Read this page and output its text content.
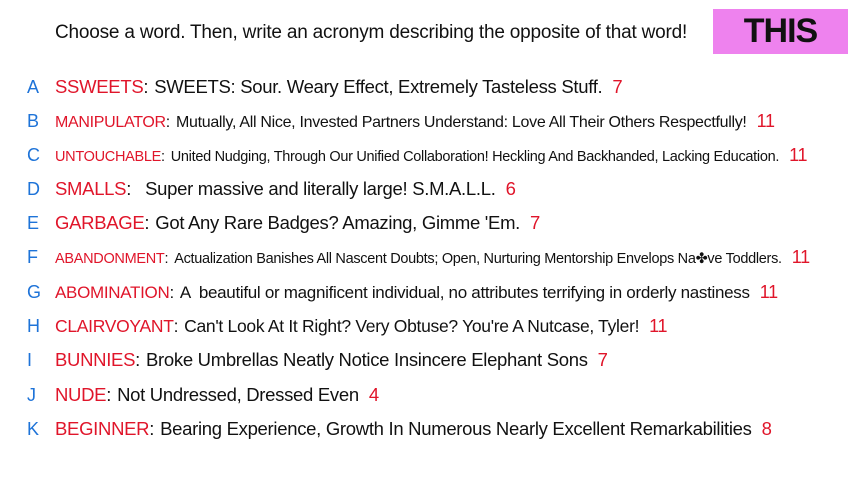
Choose a word. Then, write an acronym describing the opposite of that word!	THIS
A SSWEETS : SWEETS: Sour. Weary Effect, Extremely Tasteless Stuff. 7
B MANIPULATOR : Mutually, All Nice, Invested Partners Understand: Love All Their Others Respectfully! 11
C UNTOUCHABLE : United Nudging, Through Our Unified Collaboration! Heckling And Backhanded, Lacking Education. 11
D SMALLS : Super massive and literally large! S.M.A.L.L. 6
E GARBAGE : Got Any Rare Badges? Amazing, Gimme 'Em. 7
F	ABANDONMENT : Actualization Banishes All Nascent Doubts; Open, Nurturing Mentorship Envelops Na✤ve Toddlers. 11
G ABOMINATION : A  beautiful or magnificent individual, no attributes terrifying in orderly nastiness 11
H CLAIRVOYANT : Can't Look At It Right? Very Obtuse? You're A Nutcase, Tyler! 11
I	BUNNIES : Broke Umbrellas Neatly Notice Insincere Elephant Sons 7
J	NUDE : Not Undressed, Dressed Even 4
K BEGINNER : Bearing Experience, Growth In Numerous Nearly Excellent Remarkabilities 8
